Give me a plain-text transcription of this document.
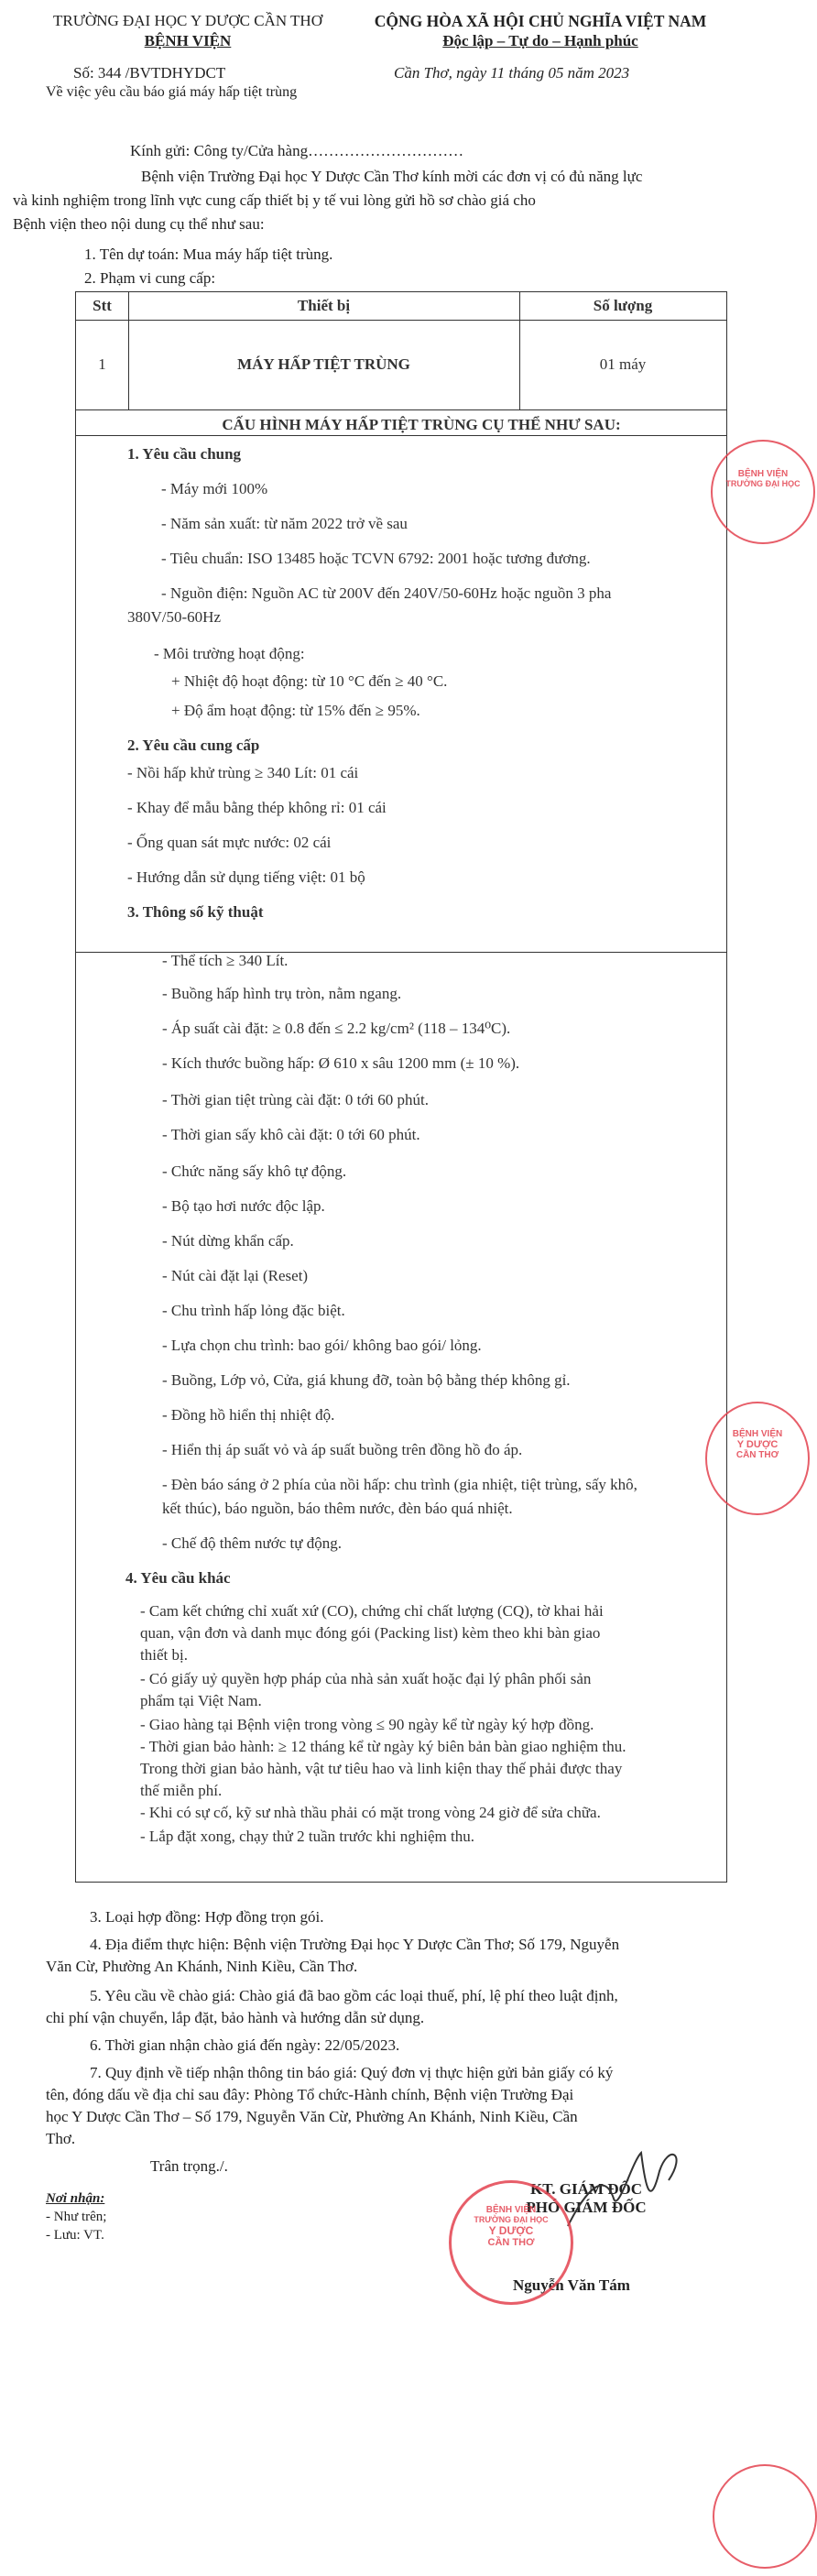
TRƯỜNG ĐẠI HỌC Y DƯỢC CẦN THƠ
BỆNH VIỆN
CỘNG HÒA XÃ HỘI CHỦ NGHĨA VIỆT NAM
Độc lập – Tự do – Hạnh phúc
Số: 344 /BVTDHYDCT
Về việc yêu cầu báo giá máy hấp tiệt trùng
Cần Thơ, ngày 11 tháng 05 năm 2023
Kính gửi: Công ty/Cửa hàng…………………………
Bệnh viện Trường Đại học Y Dược Cần Thơ kính mời các đơn vị có đủ năng lực
và kinh nghiệm trong lĩnh vực cung cấp thiết bị y tế vui lòng gửi hồ sơ chào giá cho
Bệnh viện theo nội dung cụ thể như sau:
1. Tên dự toán: Mua máy hấp tiệt trùng.
2. Phạm vi cung cấp:
Stt	Thiết bị	Số lượng
1	MÁY HẤP TIỆT TRÙNG	01 máy
CẤU HÌNH MÁY HẤP TIỆT TRÙNG CỤ THỂ NHƯ SAU:
1. Yêu cầu chung
- Máy mới 100%
- Năm sản xuất: từ năm 2022 trở về sau
- Tiêu chuẩn: ISO 13485 hoặc TCVN 6792: 2001 hoặc tương đương.
- Nguồn điện: Nguồn AC từ 200V đến 240V/50-60Hz hoặc nguồn 3 pha
380V/50-60Hz
- Môi trường hoạt động:
+ Nhiệt độ hoạt động: từ 10 °C đến ≥ 40 °C.
+ Độ ẩm hoạt động: từ 15% đến ≥ 95%.
2. Yêu cầu cung cấp
- Nồi hấp khử trùng ≥ 340 Lít: 01 cái
- Khay để mẫu bằng thép không rỉ: 01 cái
- Ống quan sát mực nước: 02 cái
- Hướng dẫn sử dụng tiếng việt: 01 bộ
3. Thông số kỹ thuật
- Thể tích ≥ 340 Lít.
- Buồng hấp hình trụ tròn, nằm ngang.
- Áp suất cài đặt: ≥ 0.8 đến ≤ 2.2 kg/cm² (118 – 134⁰C).
- Kích thước buồng hấp: Ø 610 x sâu 1200 mm (± 10 %).
- Thời gian tiệt trùng cài đặt: 0 tới 60 phút.
- Thời gian sấy khô cài đặt: 0 tới 60 phút.
- Chức năng sấy khô tự động.
- Bộ tạo hơi nước độc lập.
- Nút dừng khẩn cấp.
- Nút cài đặt lại (Reset)
- Chu trình hấp lỏng đặc biệt.
- Lựa chọn chu trình: bao gói/ không bao gói/ lỏng.
- Buồng, Lớp vỏ, Cửa, giá khung đỡ, toàn bộ bằng thép không gỉ.
- Đồng hồ hiển thị nhiệt độ.
- Hiển thị áp suất vỏ và áp suất buồng trên đồng hồ đo áp.
- Đèn báo sáng ở 2 phía của nồi hấp: chu trình (gia nhiệt, tiệt trùng, sấy khô,
kết thúc), báo nguồn, báo thêm nước, đèn báo quá nhiệt.
- Chế độ thêm nước tự động.
4. Yêu cầu khác
- Cam kết chứng chỉ xuất xứ (CO), chứng chỉ chất lượng (CQ), tờ khai hải
quan, vận đơn và danh mục đóng gói (Packing list) kèm theo khi bàn giao
thiết bị.
- Có giấy uỷ quyền hợp pháp của nhà sản xuất hoặc đại lý phân phối sản
phẩm tại Việt Nam.
- Giao hàng tại Bệnh viện trong vòng ≤ 90 ngày kể từ ngày ký hợp đồng.
- Thời gian bảo hành: ≥ 12 tháng kể từ ngày ký biên bản bàn giao nghiệm thu.
Trong thời gian bảo hành, vật tư tiêu hao và linh kiện thay thế phải được thay
thế miễn phí.
- Khi có sự cố, kỹ sư nhà thầu phải có mặt trong vòng 24 giờ để sửa chữa.
- Lắp đặt xong, chạy thử 2 tuần trước khi nghiệm thu.
3. Loại hợp đồng: Hợp đồng trọn gói.
4. Địa điểm thực hiện: Bệnh viện Trường Đại học Y Dược Cần Thơ; Số 179, Nguyễn
Văn Cừ, Phường An Khánh, Ninh Kiều, Cần Thơ.
5. Yêu cầu về chào giá: Chào giá đã bao gồm các loại thuế, phí, lệ phí theo luật định,
chi phí vận chuyển, lắp đặt, bảo hành và hướng dẫn sử dụng.
6. Thời gian nhận chào giá đến ngày: 22/05/2023.
7. Quy định về tiếp nhận thông tin báo giá: Quý đơn vị thực hiện gửi bản giấy có ký
tên, đóng dấu về địa chỉ sau đây: Phòng Tổ chức-Hành chính, Bệnh viện Trường Đại
học Y Dược Cần Thơ – Số 179, Nguyễn Văn Cừ, Phường An Khánh, Ninh Kiều, Cần
Thơ.
Trân trọng./.
Nơi nhận:
- Như trên;
- Lưu: VT.
KT. GIÁM ĐỐC
PHÓ GIÁM ĐỐC
Nguyễn Văn Tám
BỆNH VIỆN
TRƯỜNG ĐẠI HỌC
Y DƯỢC
CẦN THƠ
BỆNH VIỆN
TRƯỜNG ĐẠI HỌC
BỆNH VIỆN
Y DƯỢC
CẦN THƠ
